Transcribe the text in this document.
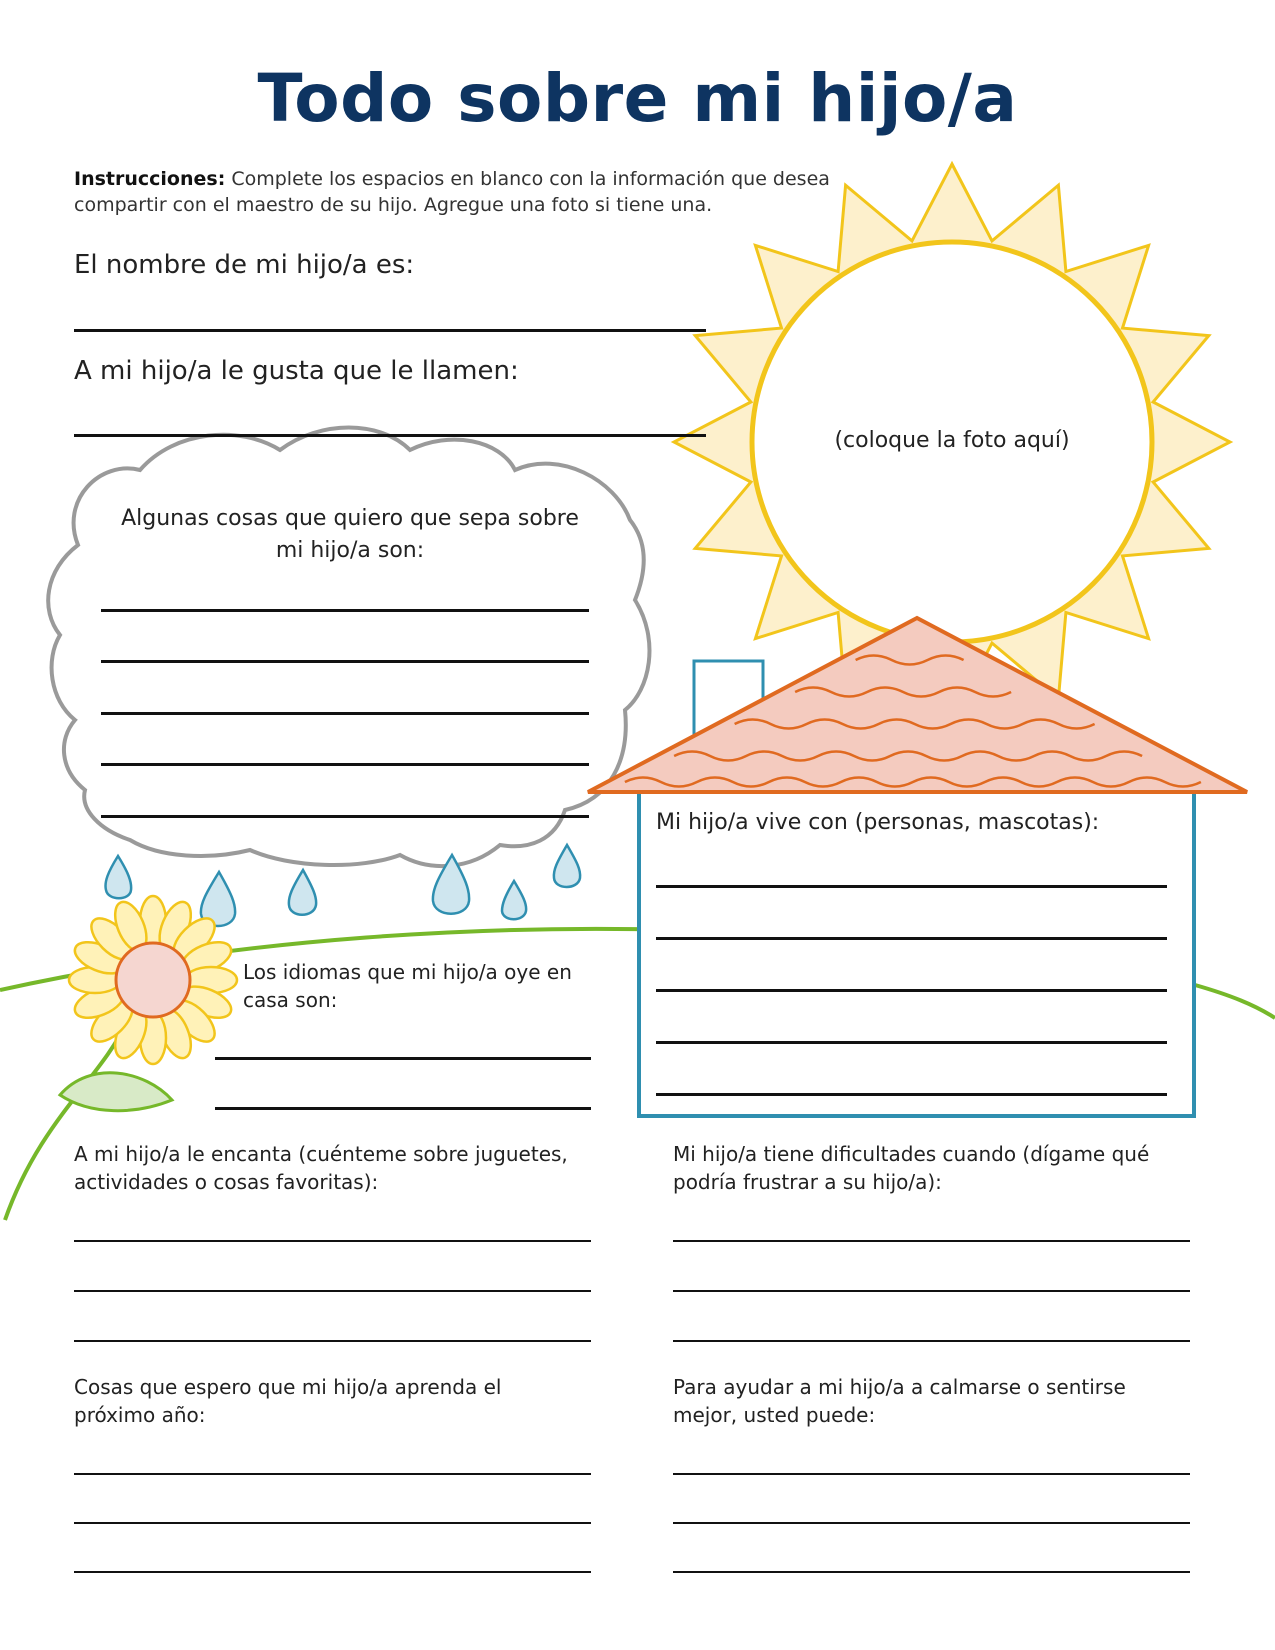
Todo sobre mi hijo/a

Instrucciones: Complete los espacios en blanco con la información que desea compartir con el maestro de su hijo. Agregue una foto si tiene una.

El nombre de mi hijo/a es:

A mi hijo/a le gusta que le llamen:

(coloque la foto aquí)

Algunas cosas que quiero que sepa sobre mi hijo/a son:

Mi hijo/a vive con (personas, mascotas):

Los idiomas que mi hijo/a oye en casa son:

A mi hijo/a le encanta (cuénteme sobre juguetes, actividades o cosas favoritas):

Mi hijo/a tiene dificultades cuando (dígame qué podría frustrar a su hijo/a):

Cosas que espero que mi hijo/a aprenda el próximo año:

Para ayudar a mi hijo/a a calmarse o sentirse mejor, usted puede:
